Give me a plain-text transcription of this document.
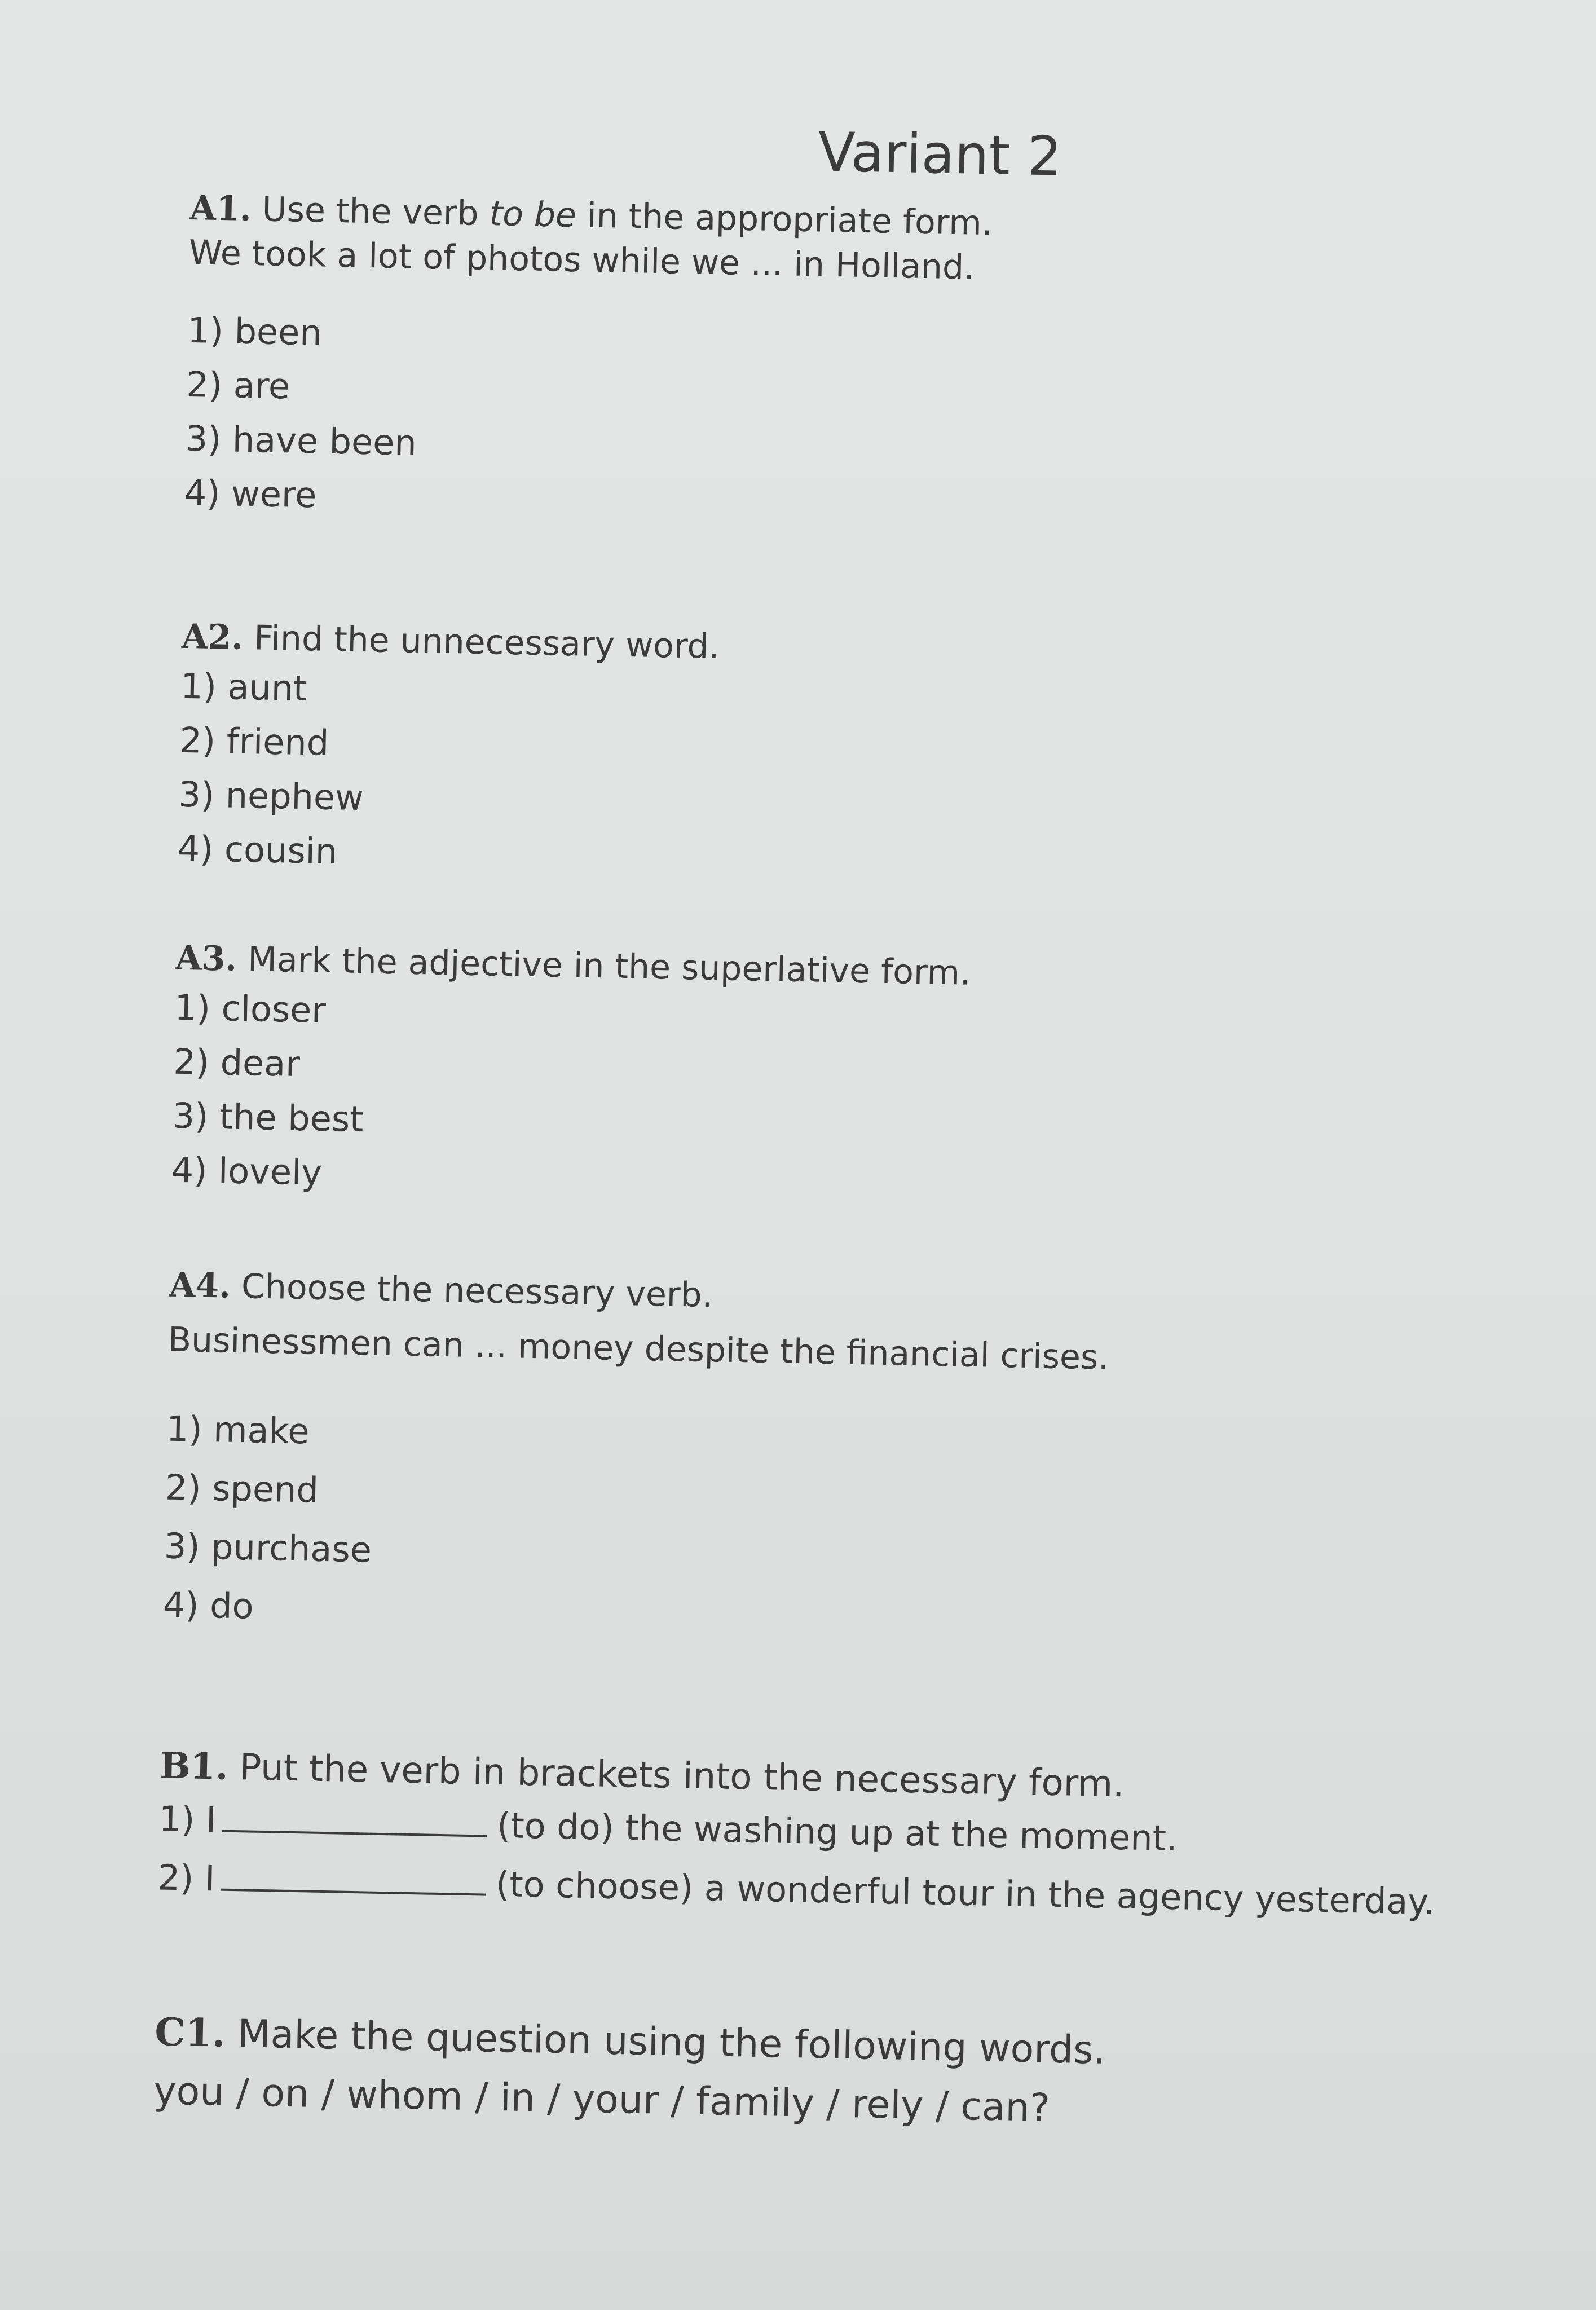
Variant 2

A1. Use the verb to be in the appropriate form.

We took a lot of photos while we ... in Holland.

1) been

2) are

3) have been

4) were

A2. Find the unnecessary word.

1) aunt

2) friend

3) nephew

4) cousin

A3. Mark the adjective in the superlative form.

1) closer

2) dear

3) the best

4) lovely

A4. Choose the necessary verb.

Businessmen can ... money despite the financial crises.

1) make

2) spend

3) purchase

4) do

B1. Put the verb in brackets into the necessary form.

1) I	(to do) the washing up at the moment.

2) I	(to choose) a wonderful tour in the agency yesterday.

C1. Make the question using the following words.

you / on / whom / in / your / family / rely / can?
